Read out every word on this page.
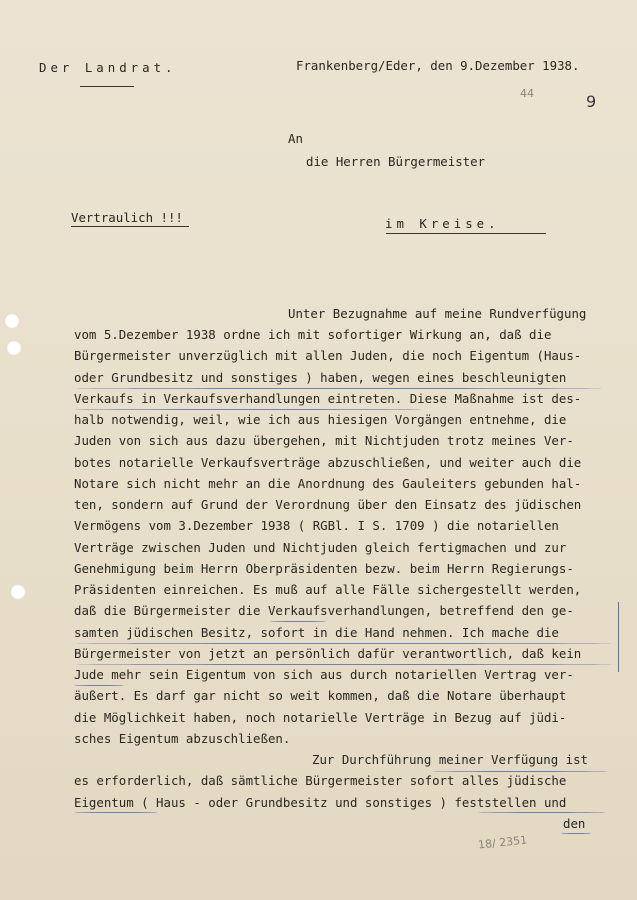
Der Landrat.	Frankenberg/Eder, den 9.Dezember 1938.
44	9
An
die Herren Bürgermeister
Vertraulich !!!	im Kreise.
Unter Bezugnahme auf meine Rundverfügung
vom 5.Dezember 1938 ordne ich mit sofortiger Wirkung an, daß die
Bürgermeister unverzüglich mit allen Juden, die noch Eigentum (Haus-
oder Grundbesitz und sonstiges ) haben, wegen eines beschleunigten
Verkaufs in Verkaufsverhandlungen eintreten. Diese Maßnahme ist des-
halb notwendig, weil, wie ich aus hiesigen Vorgängen entnehme, die
Juden von sich aus dazu übergehen, mit Nichtjuden trotz meines Ver-
botes notarielle Verkaufsverträge abzuschließen, und weiter auch die
Notare sich nicht mehr an die Anordnung des Gauleiters gebunden hal-
ten, sondern auf Grund der Verordnung über den Einsatz des jüdischen
Vermögens vom 3.Dezember 1938 ( RGBl. I S. 1709 ) die notariellen
Verträge zwischen Juden und Nichtjuden gleich fertigmachen und zur
Genehmigung beim Herrn Oberpräsidenten bezw. beim Herrn Regierungs-
Präsidenten einreichen. Es muß auf alle Fälle sichergestellt werden,
daß die Bürgermeister die Verkaufsverhandlungen, betreffend den ge-
samten jüdischen Besitz, sofort in die Hand nehmen. Ich mache die
Bürgermeister von jetzt an persönlich dafür verantwortlich, daß kein
Jude mehr sein Eigentum von sich aus durch notariellen Vertrag ver-
äußert. Es darf gar nicht so weit kommen, daß die Notare überhaupt
die Möglichkeit haben, noch notarielle Verträge in Bezug auf jüdi-
sches Eigentum abzuschließen.
Zur Durchführung meiner Verfügung ist
es erforderlich, daß sämtliche Bürgermeister sofort alles jüdische
Eigentum ( Haus - oder Grundbesitz und sonstiges ) feststellen und
den
18/ 2351
